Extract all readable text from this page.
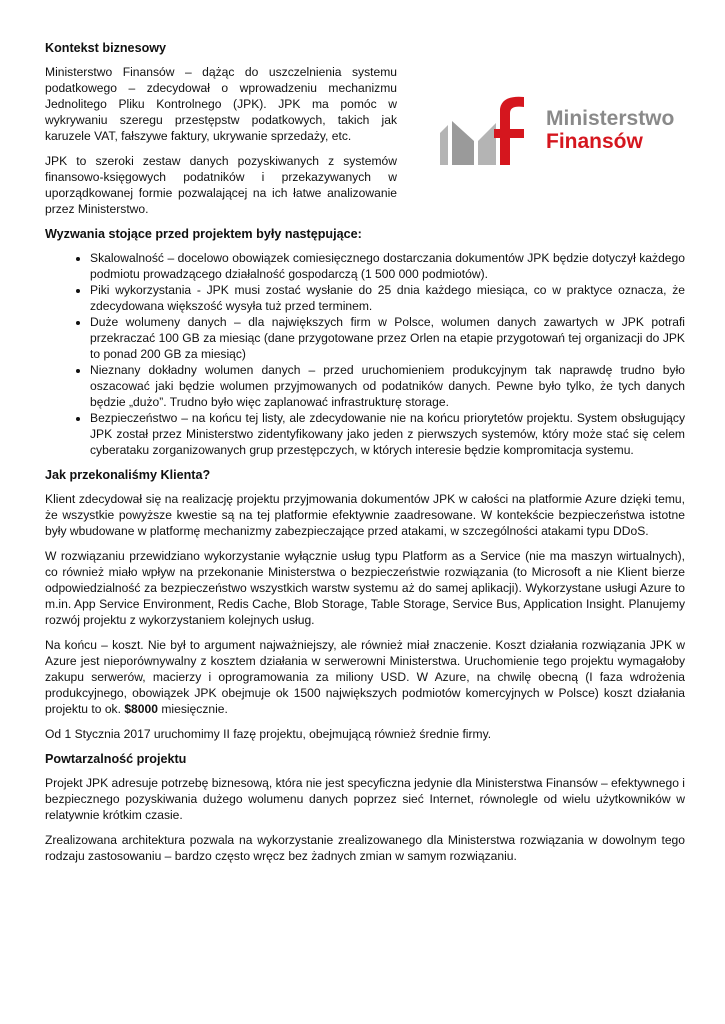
Kontekst biznesowy

Ministerstwo Finansów – dążąc do uszczelnienia systemu podatkowego – zdecydował o wprowadzeniu mechanizmu Jednolitego Pliku Kontrolnego (JPK). JPK ma pomóc w wykrywaniu szeregu przestępstw podatkowych, takich jak karuzele VAT, fałszywe faktury, ukrywanie sprzedaży, etc.

JPK to szeroki zestaw danych pozyskiwanych z systemów finansowo-księgowych podatników i przekazywanych w uporządkowanej formie pozwalającej na ich łatwe analizowanie przez Ministerstwo.

Ministerstwo
Finansów
Wyzwania stojące przed projektem były następujące:
• Skalowalność – docelowo obowiązek comiesięcznego dostarczania dokumentów JPK będzie dotyczył każdego podmiotu prowadzącego działalność gospodarczą (1 500 000 podmiotów).
• Piki wykorzystania - JPK musi zostać wysłanie do 25 dnia każdego miesiąca, co w praktyce oznacza, że zdecydowana większość wysyła tuż przed terminem.
• Duże wolumeny danych – dla największych firm w Polsce, wolumen danych zawartych w JPK potrafi przekraczać 100 GB za miesiąc (dane przygotowane przez Orlen na etapie przygotowań tej organizacji do JPK to ponad 200 GB za miesiąc)
• Nieznany dokładny wolumen danych – przed uruchomieniem produkcyjnym tak naprawdę trudno było oszacować jaki będzie wolumen przyjmowanych od podatników danych. Pewne było tylko, że tych danych będzie „dużo”. Trudno było więc zaplanować infrastrukturę storage.
• Bezpieczeństwo – na końcu tej listy, ale zdecydowanie nie na końcu priorytetów projektu. System obsługujący JPK został przez Ministerstwo zidentyfikowany jako jeden z pierwszych systemów, który może stać się celem cyberataku zorganizowanych grup przestępczych, w których interesie będzie kompromitacja systemu.
Jak przekonaliśmy Klienta?

Klient zdecydował się na realizację projektu przyjmowania dokumentów JPK w całości na platformie Azure dzięki temu, że wszystkie powyższe kwestie są na tej platformie efektywnie zaadresowane. W kontekście bezpieczeństwa istotne były wbudowane w platformę mechanizmy zabezpieczające przed atakami, w szczególności atakami typu DDoS.

W rozwiązaniu przewidziano wykorzystanie wyłącznie usług typu Platform as a Service (nie ma maszyn wirtualnych), co również miało wpływ na przekonanie Ministerstwa o bezpieczeństwie rozwiązania (to Microsoft a nie Klient bierze odpowiedzialność za bezpieczeństwo wszystkich warstw systemu aż do samej aplikacji). Wykorzystane usługi Azure to m.in. App Service Environment, Redis Cache, Blob Storage, Table Storage, Service Bus, Application Insight. Planujemy rozwój projektu z wykorzystaniem kolejnych usług.

Na końcu – koszt. Nie był to argument najważniejszy, ale również miał znaczenie. Koszt działania rozwiązania JPK w Azure jest nieporównywalny z kosztem działania w serwerowni Ministerstwa. Uruchomienie tego projektu wymagałoby zakupu serwerów, macierzy i oprogramowania za miliony USD. W Azure, na chwilę obecną (I faza wdrożenia produkcyjnego, obowiązek JPK obejmuje ok 1500 największych podmiotów komercyjnych w Polsce) koszt działania projektu to ok. $8000 miesięcznie.

Od 1 Stycznia 2017 uruchomimy II fazę projektu, obejmującą również średnie firmy.

Powtarzalność projektu

Projekt JPK adresuje potrzebę biznesową, która nie jest specyficzna jedynie dla Ministerstwa Finansów – efektywnego i bezpiecznego pozyskiwania dużego wolumenu danych poprzez sieć Internet, równolegle od wielu użytkowników w relatywnie krótkim czasie.

Zrealizowana architektura pozwala na wykorzystanie zrealizowanego dla Ministerstwa rozwiązania w dowolnym tego rodzaju zastosowaniu – bardzo często wręcz bez żadnych zmian w samym rozwiązaniu.
